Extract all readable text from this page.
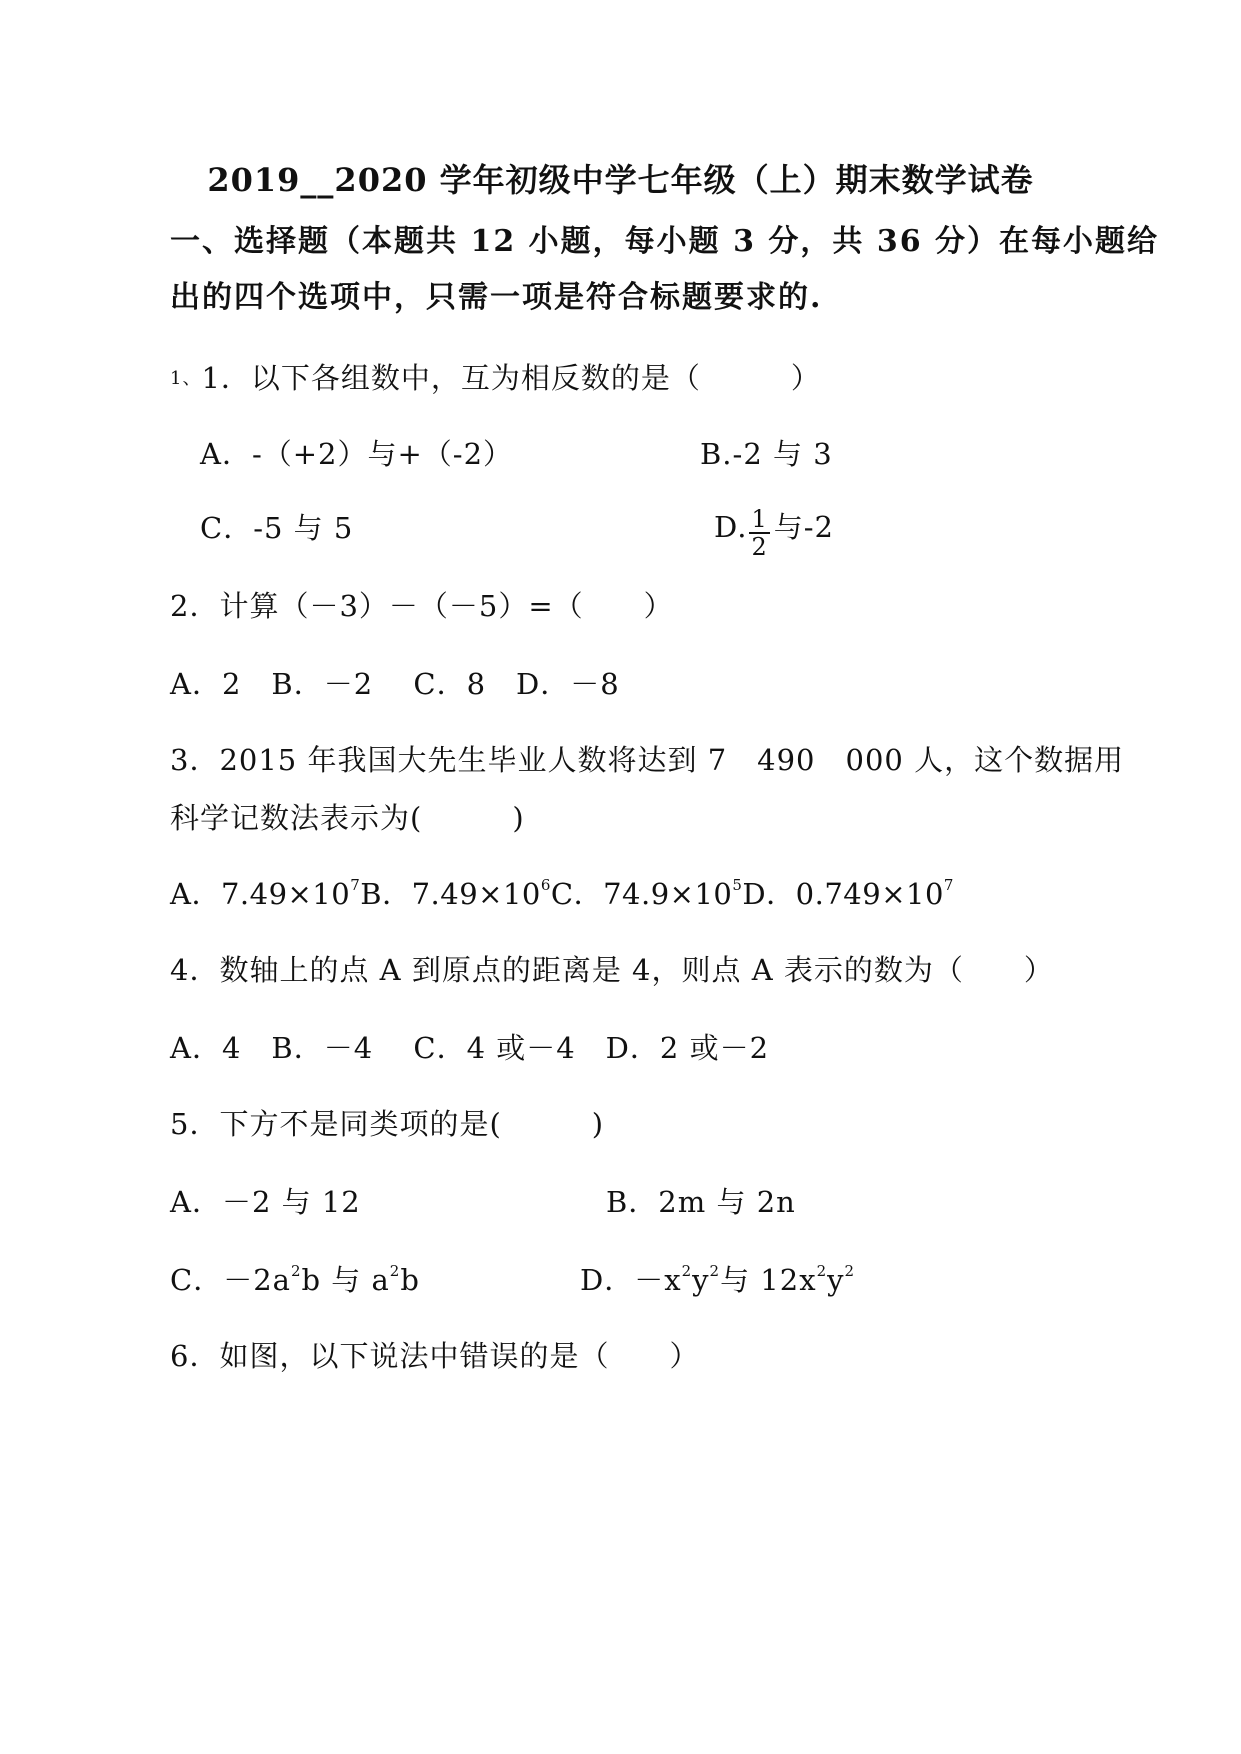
2019__2020 学年初级中学七年级（上）期末数学试卷
一、选择题（本题共 12 小题，每小题 3 分，共 36 分）在每小题给
出的四个选项中，只需一项是符合标题要求的.
1、1．以下各组数中，互为相反数的是（　　　）
A．-（+2）与+（-2）	B.-2 与 3
C．-5 与 5	D. $\frac{1}{2}$ 与-2
2．计算（－3）－（－5）=（　　）
A．2　B．－2　 C．8　D．－8
3．2015 年我国大先生毕业人数将达到 7　490　000 人，这个数据用
科学记数法表示为(　　　)
A．$7.49\times 10^7B$．$7.49\times 10^6C$．$74.9\times 10^5D$．$0.749\times 10^7$
4．数轴上的点 A 到原点的距离是 4，则点 A 表示的数为（　　）
A．4　B．－4　 C．4 或－4　D．2 或－2
5．下方不是同类项的是(　　　)
A．－2 与 12	B．2m 与 2n
C．$-2a^2b$ 与 $a^2b$	D．$-x^2y^2$与 $12x^2y^2$
6．如图，以下说法中错误的是（　　）
